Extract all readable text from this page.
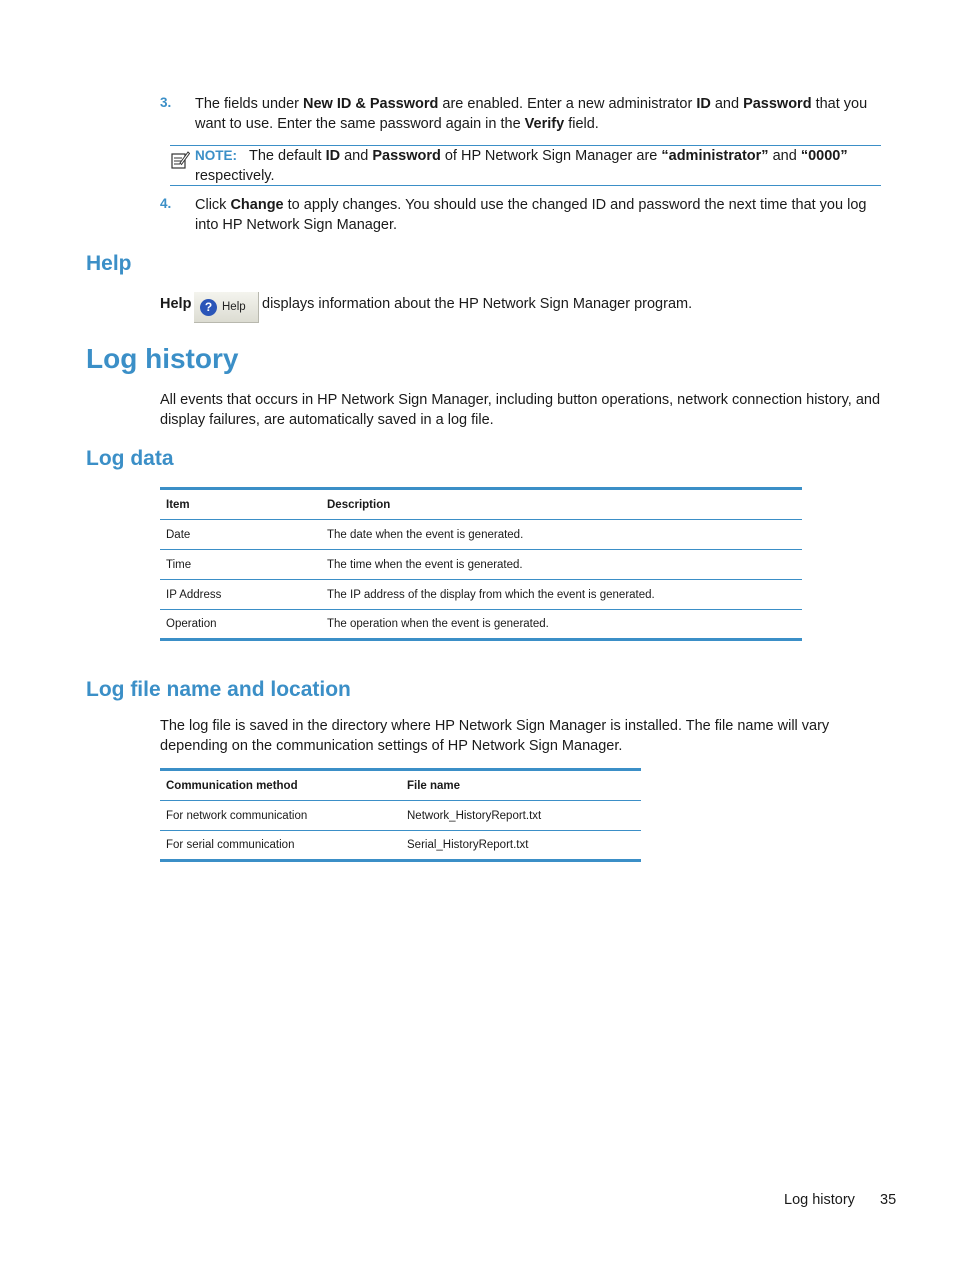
3. The fields under New ID & Password are enabled. Enter a new administrator ID and Password that you want to use. Enter the same password again in the Verify field.
NOTE: The default ID and Password of HP Network Sign Manager are “administrator” and “0000” respectively.
4. Click Change to apply changes. You should use the changed ID and password the next time that you log into HP Network Sign Manager.
Help
Help	? Help displays information about the HP Network Sign Manager program.
Log history
All events that occurs in HP Network Sign Manager, including button operations, network connection history, and display failures, are automatically saved in a log file.
Log data
Item	Description
Date	The date when the event is generated.
Time	The time when the event is generated.
IP Address	The IP address of the display from which the event is generated.
Operation	The operation when the event is generated.
Log file name and location
The log file is saved in the directory where HP Network Sign Manager is installed. The file name will vary depending on the communication settings of HP Network Sign Manager.
Communication method	File name
For network communication	Network_HistoryReport.txt
For serial communication	Serial_HistoryReport.txt
Log history 35
